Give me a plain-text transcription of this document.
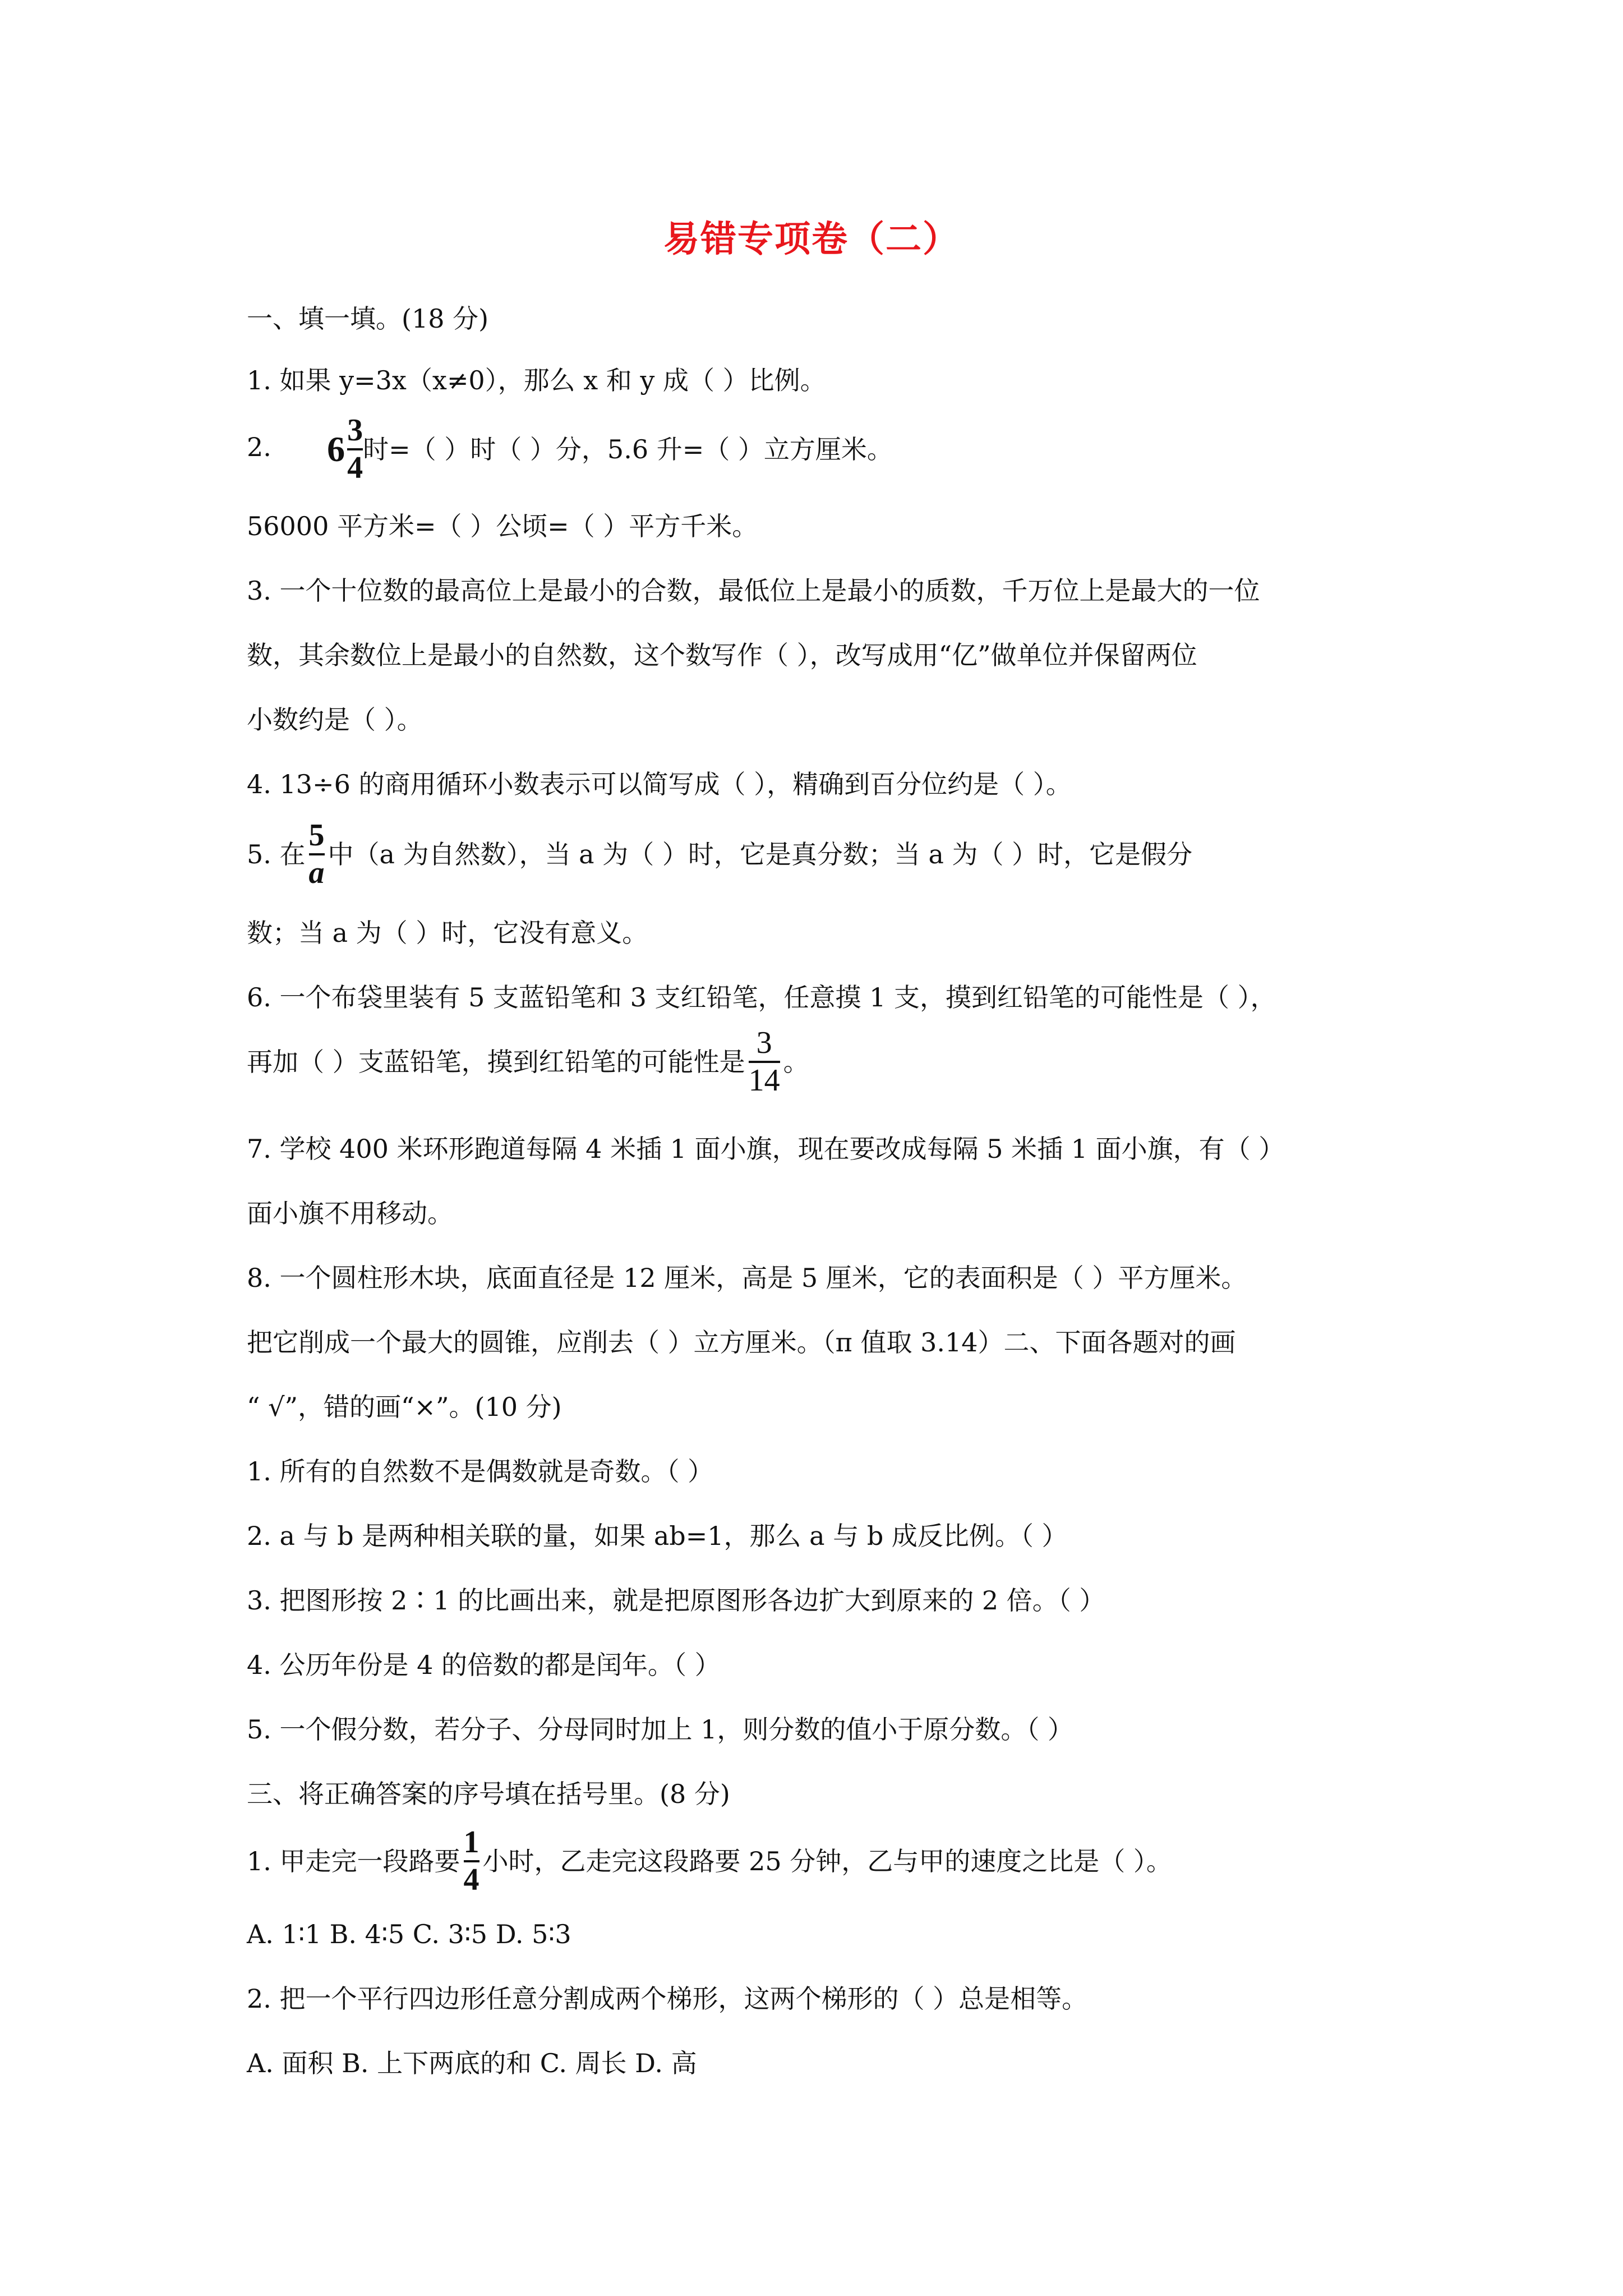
易错专项卷（二）
一、填一填。(18 分)
1. 如果 y=3x（x≠0），那么 x 和 y 成（ ）比例。
2. $6 \frac{3}{4}$ 时=（ ）时（ ）分，5.6 升=（ ）立方厘米。
56000 平方米=（ ）公顷=（ ）平方千米。
3. 一个十位数的最高位上是最小的合数，最低位上是最小的质数，千万位上是最大的一位
数，其余数位上是最小的自然数，这个数写作（ ），改写成用“亿”做单位并保留两位
小数约是（ ）。
4. 13÷6 的商用循环小数表示可以简写成（ ），精确到百分位约是（ ）。
5. 在 $\frac{5}{a}$ 中（a 为自然数），当 a 为（ ）时，它是真分数；当 a 为（ ）时，它是假分
数；当 a 为（ ）时，它没有意义。
6. 一个布袋里装有 5 支蓝铅笔和 3 支红铅笔，任意摸 1 支，摸到红铅笔的可能性是（ ），
再加（ ）支蓝铅笔，摸到红铅笔的可能性是 $\frac{3}{14}$ 。
7. 学校 400 米环形跑道每隔 4 米插 1 面小旗，现在要改成每隔 5 米插 1 面小旗，有（ ）
面小旗不用移动。
8. 一个圆柱形木块，底面直径是 12 厘米，高是 5 厘米，它的表面积是（ ）平方厘米。
把它削成一个最大的圆锥，应削去（ ）立方厘米。（π 值取 3.14）二、下面各题对的画
“ √”，错的画“×”。(10 分)
1. 所有的自然数不是偶数就是奇数。（ ）
2. a 与 b 是两种相关联的量，如果 ab=1，那么 a 与 b 成反比例。（ ）
3. 把图形按 2∶1 的比画出来，就是把原图形各边扩大到原来的 2 倍。（ ）
4. 公历年份是 4 的倍数的都是闰年。（ ）
5. 一个假分数，若分子、分母同时加上 1，则分数的值小于原分数。（ ）
三、将正确答案的序号填在括号里。(8 分)
1. 甲走完一段路要 $\frac{1}{4}$ 小时，乙走完这段路要 25 分钟，乙与甲的速度之比是（ ）。
A. 1∶1 B. 4∶5 C. 3∶5 D. 5∶3
2. 把一个平行四边形任意分割成两个梯形，这两个梯形的（ ）总是相等。
A. 面积 B. 上下两底的和 C. 周长 D. 高
